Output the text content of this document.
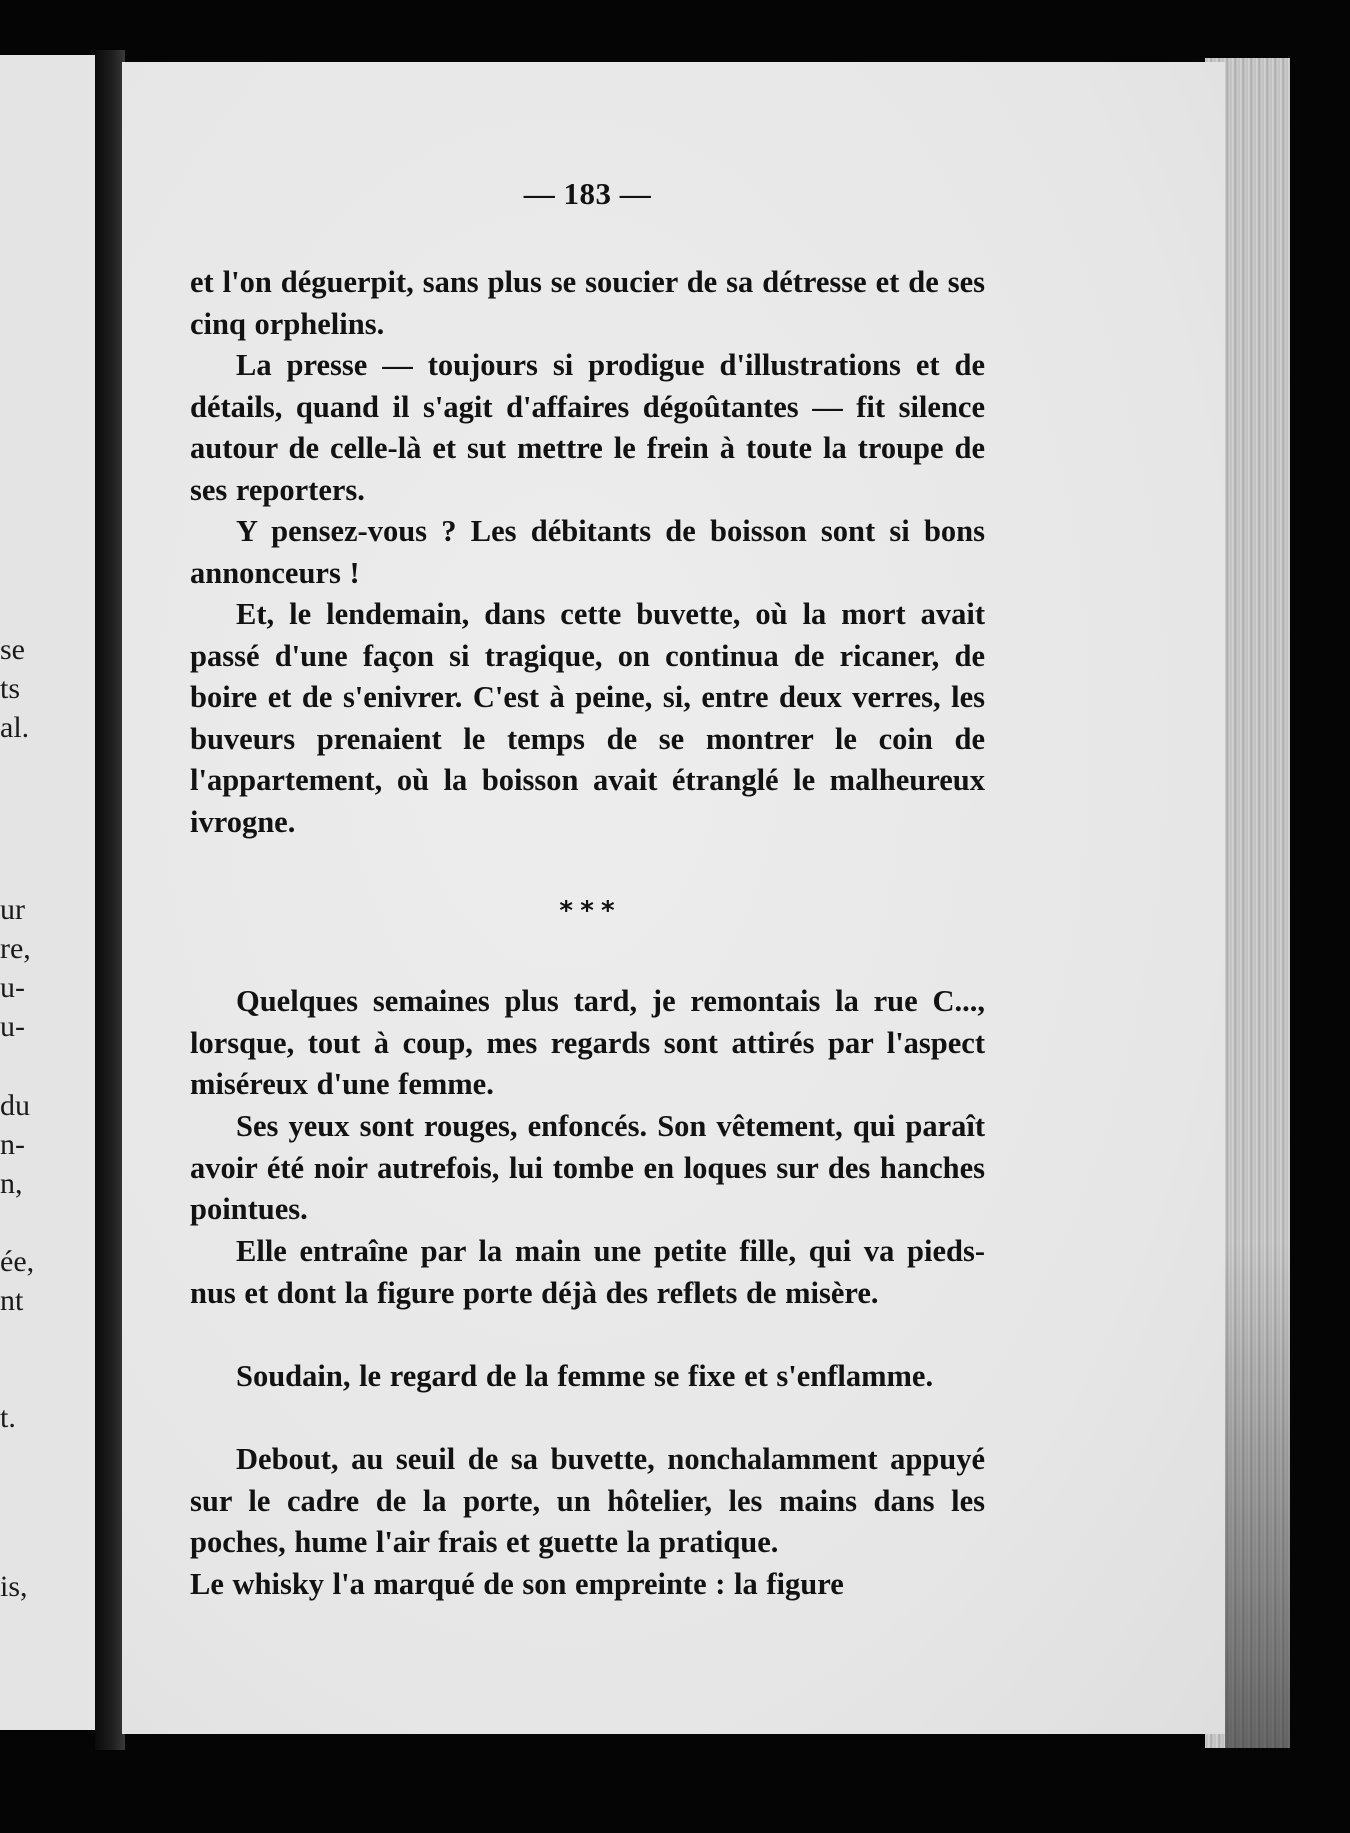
se
ts
al.
ur
re,
u-
u-
du
n-
n,
ée,
nt
t.
is,
— 183 —

et l'on déguerpit, sans plus se soucier de sa détresse et de ses cinq orphelins.

La presse — toujours si prodigue d'illustrations et de détails, quand il s'agit d'affaires dégoûtantes — fit silence autour de celle-là et sut mettre le frein à toute la troupe de ses reporters.

Y pensez-vous ? Les débitants de boisson sont si bons annonceurs !

Et, le lendemain, dans cette buvette, où la mort avait passé d'une façon si tragique, on continua de ricaner, de boire et de s'enivrer. C'est à peine, si, entre deux verres, les buveurs prenaient le temps de se montrer le coin de l'appartement, où la boisson avait étranglé le malheureux ivrogne.

* * *

Quelques semaines plus tard, je remontais la rue C..., lorsque, tout à coup, mes regards sont attirés par l'aspect miséreux d'une femme.

Ses yeux sont rouges, enfoncés. Son vêtement, qui paraît avoir été noir autrefois, lui tombe en loques sur des hanches pointues.

Elle entraîne par la main une petite fille, qui va pieds-nus et dont la figure porte déjà des reflets de misère.

Soudain, le regard de la femme se fixe et s'enflamme.

Debout, au seuil de sa buvette, nonchalamment appuyé sur le cadre de la porte, un hôtelier, les mains dans les poches, hume l'air frais et guette la pratique.

Le whisky l'a marqué de son empreinte : la figure
